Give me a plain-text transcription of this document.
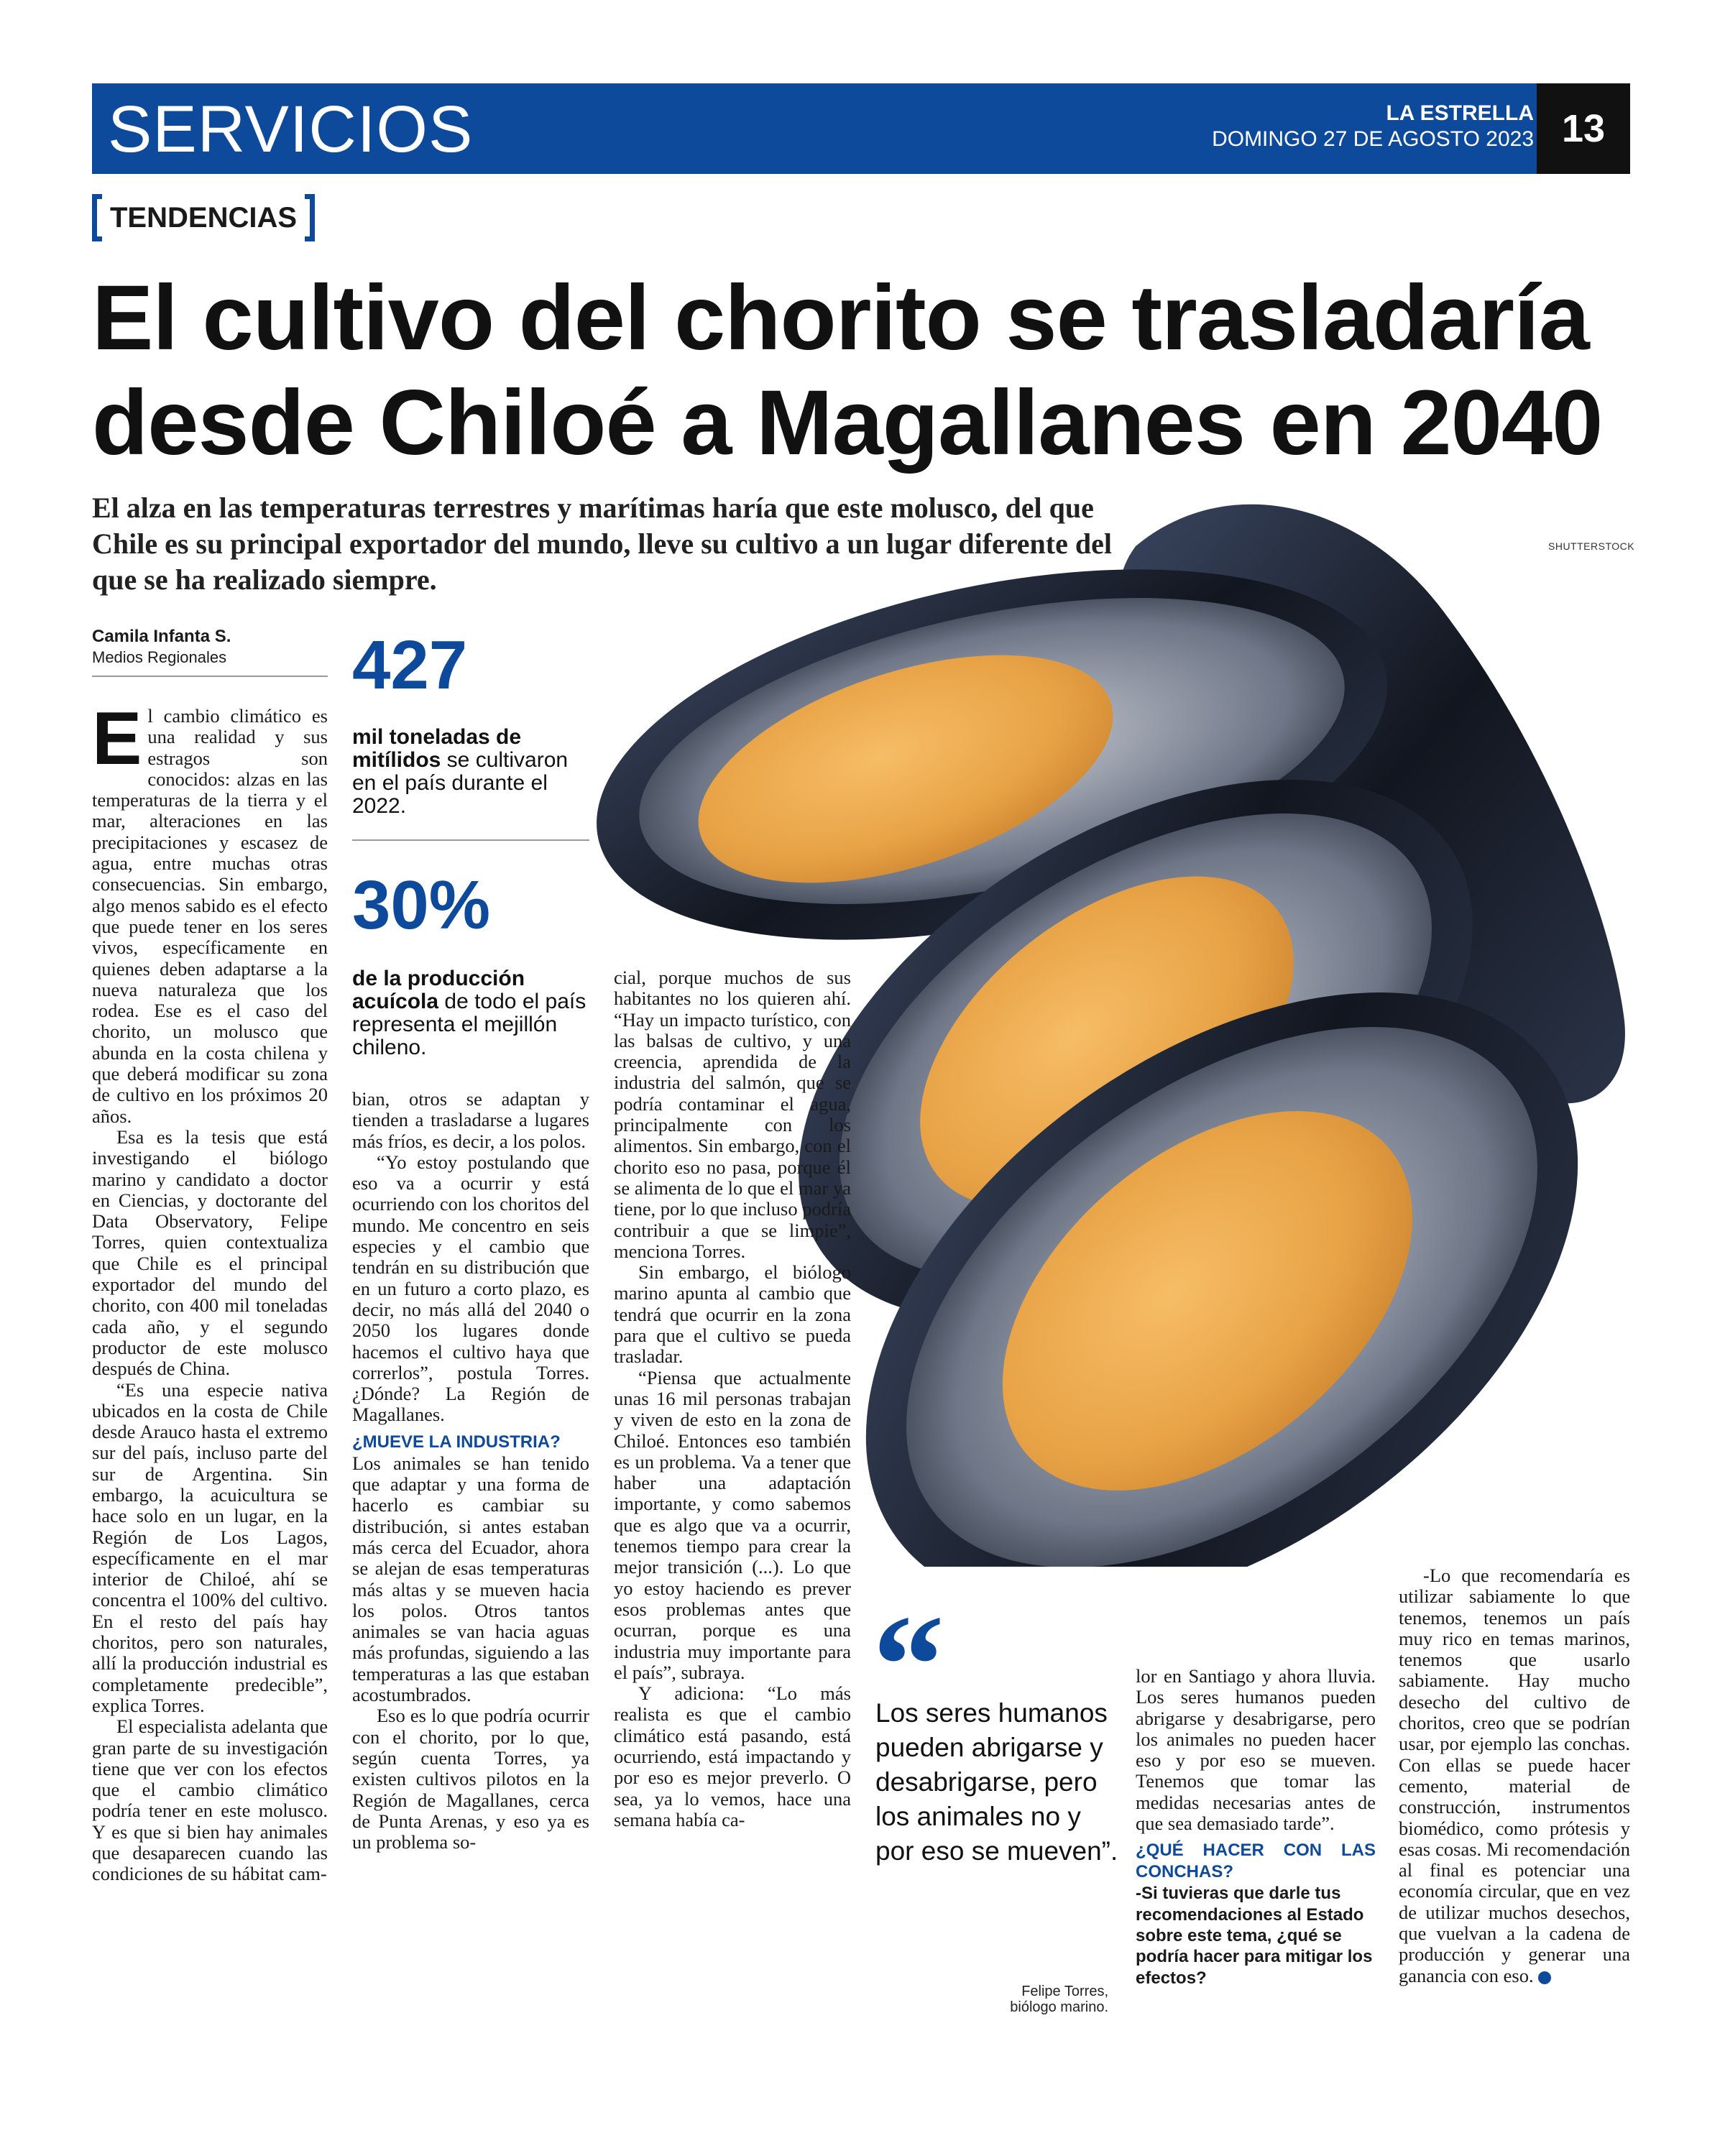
SERVICIOS	LA ESTRELLA
DOMINGO 27 DE AGOSTO 2023 13
TENDENCIAS
El cultivo del chorito se trasladaría desde Chiloé a Magallanes en 2040

El alza en las temperaturas terrestres y marítimas haría que este molusco, del que Chile es su principal exportador del mundo, lleve su cultivo a un lugar diferente del que se ha realizado siempre.

SHUTTERSTOCK
Camila Infanta S.
Medios Regionales 427
mil toneladas de mitílidos se cultivaron en el país durante el 2022.
30%
de la producción acuícola de todo el país representa el mejillón chileno.

El cambio climático es una realidad y sus estragos son conocidos: alzas en las temperaturas de la tierra y el mar, alteraciones en las precipitaciones y escasez de agua, entre muchas otras consecuencias. Sin embargo, algo menos sabido es el efecto que puede tener en los seres vivos, específicamente en quienes deben adaptarse a la nueva naturaleza que los rodea. Ese es el caso del chorito, un molusco que abunda en la costa chilena y que deberá modificar su zona de cultivo en los próximos 20 años.

Esa es la tesis que está investigando el biólogo marino y candidato a doctor en Ciencias, y doctorante del Data Observatory, Felipe Torres, quien contextualiza que Chile es el principal exportador del mundo del chorito, con 400 mil toneladas cada año, y el segundo productor de este molusco después de China.

“Es una especie nativa ubicados en la costa de Chile desde Arauco hasta el extremo sur del país, incluso parte del sur de Argentina. Sin embargo, la acuicultura se hace solo en un lugar, en la Región de Los Lagos, específicamente en el mar interior de Chiloé, ahí se concentra el 100% del cultivo. En el resto del país hay choritos, pero son naturales, allí la producción industrial es completamente predecible”, explica Torres.

El especialista adelanta que gran parte de su investigación tiene que ver con los efectos que el cambio climático podría tener en este molusco. Y es que si bien hay animales que desaparecen cuando las condiciones de su hábitat cam-

bian, otros se adaptan y tienden a trasladarse a lugares más fríos, es decir, a los polos.

“Yo estoy postulando que eso va a ocurrir y está ocurriendo con los choritos del mundo. Me concentro en seis especies y el cambio que tendrán en su distribución que en un futuro a corto plazo, es decir, no más allá del 2040 o 2050 los lugares donde hacemos el cultivo haya que correrlos”, postula Torres. ¿Dónde? La Región de Magallanes.

¿MUEVE LA INDUSTRIA?

Los animales se han tenido que adaptar y una forma de hacerlo es cambiar su distribución, si antes estaban más cerca del Ecuador, ahora se alejan de esas temperaturas más altas y se mueven hacia los polos. Otros tantos animales se van hacia aguas más profundas, siguiendo a las temperaturas a las que estaban acostumbrados.

Eso es lo que podría ocurrir con el chorito, por lo que, según cuenta Torres, ya existen cultivos pilotos en la Región de Magallanes, cerca de Punta Arenas, y eso ya es un problema so-

cial, porque muchos de sus habitantes no los quieren ahí. “Hay un impacto turístico, con las balsas de cultivo, y una creencia, aprendida de la industria del salmón, que se podría contaminar el agua, principalmente con los alimentos. Sin embargo, con el chorito eso no pasa, porque él se alimenta de lo que el mar ya tiene, por lo que incluso podría contribuir a que se limpie”, menciona Torres.

Sin embargo, el biólogo marino apunta al cambio que tendrá que ocurrir en la zona para que el cultivo se pueda trasladar.

“Piensa que actualmente unas 16 mil personas trabajan y viven de esto en la zona de Chiloé. Entonces eso también es un problema. Va a tener que haber una adaptación importante, y como sabemos que es algo que va a ocurrir, tenemos tiempo para crear la mejor transición (...). Lo que yo estoy haciendo es prever esos problemas antes que ocurran, porque es una industria muy importante para el país”, subraya.

Y adiciona: “Lo más realista es que el cambio climático está pasando, está ocurriendo, está impactando y por eso es mejor preverlo. O sea, ya lo vemos, hace una semana había ca-

“
Los seres humanos pueden abrigarse y desabrigarse, pero los animales no y por eso se mueven”.
Felipe Torres,
biólogo marino.

lor en Santiago y ahora lluvia. Los seres humanos pueden abrigarse y desabrigarse, pero los animales no pueden hacer eso y por eso se mueven. Tenemos que tomar las medidas necesarias antes de que sea demasiado tarde”.

¿QUÉ HACER CON LAS CONCHAS?

-Si tuvieras que darle tus recomendaciones al Estado sobre este tema, ¿qué se podría hacer para mitigar los efectos?

-Lo que recomendaría es utilizar sabiamente lo que tenemos, tenemos un país muy rico en temas marinos, tenemos que usarlo sabiamente. Hay mucho desecho del cultivo de choritos, creo que se podrían usar, por ejemplo las conchas. Con ellas se puede hacer cemento, material de construcción, instrumentos biomédico, como prótesis y esas cosas. Mi recomendación al final es potenciar una economía circular, que en vez de utilizar muchos desechos, que vuelvan a la cadena de producción y generar una ganancia con eso.	✪
